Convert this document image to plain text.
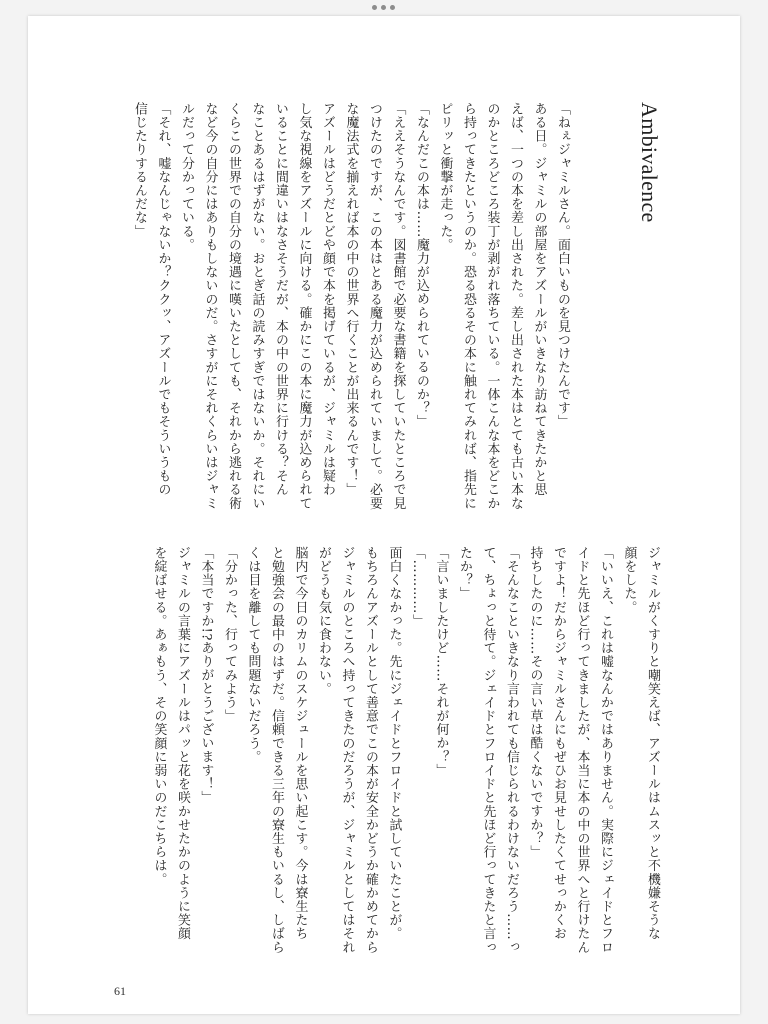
Ambivalence

「ねぇジャミルさん。面白いものを見つけたんです」

ある日。ジャミルの部屋をアズールがいきなり訪ねてきたかと思

えば、一つの本を差し出された。差し出された本はとても古い本な

のかところどころ装丁が剥がれ落ちている。一体こんな本をどこか

ら持ってきたというのか。恐る恐るその本に触れてみれば、指先に

ピリッと衝撃が走った。

「なんだこの本は……魔力が込められているのか？」

「ええそうなんです。図書館で必要な書籍を探していたところで見

つけたのですが、この本はとある魔力が込められていまして。必要

な魔法式を揃えれば本の中の世界へ行くことが出来るんです！」

アズールはどうだとどや顔で本を掲げているが、ジャミルは疑わ

し気な視線をアズールに向ける。確かにこの本に魔力が込められて

いることに間違いはなさそうだが、本の中の世界に行ける？そん

なことあるはずがない。おとぎ話の読みすぎではないか。それにい

くらこの世界での自分の境遇に嘆いたとしても、それから逃れる術

など今の自分にはありもしないのだ。さすがにそれくらいはジャミ

ルだって分かっている。

「それ、嘘なんじゃないか？ククッ、アズールでもそういうもの

信じたりするんだな」

ジャミルがくすりと嘲笑えば、アズールはムスッと不機嫌そうな

顔をした。

「いいえ、これは嘘なんかではありません。実際にジェイドとフロ

イドと先ほど行ってきましたが、本当に本の中の世界へと行けたん

ですよ！だからジャミルさんにもぜひお見せしたくてせっかくお

持ちしたのに……その言い草は酷くないですか？」

「そんなこといきなり言われても信じられるわけないだろう……っ

て、ちょっと待て。ジェイドとフロイドと先ほど行ってきたと言っ

たか？」

「言いましたけど……それが何か？」

「…………」

面白くなかった。先にジェイドとフロイドと試していたことが。

もちろんアズールとして善意でこの本が安全かどうか確かめてから

ジャミルのところへ持ってきたのだろうが、ジャミルとしてはそれ

がどうも気に食わない。

脳内で今日のカリムのスケジュールを思い起こす。今は寮生たち

と勉強会の最中のはずだ。信頼できる三年の寮生もいるし、しばら

くは目を離しても問題ないだろう。

「分かった、行ってみよう」

「本当ですか!?ありがとうございます！」

ジャミルの言葉にアズールはパッと花を咲かせたかのように笑顔

を綻ばせる。あぁもう、その笑顔に弱いのだこちらは。

61
